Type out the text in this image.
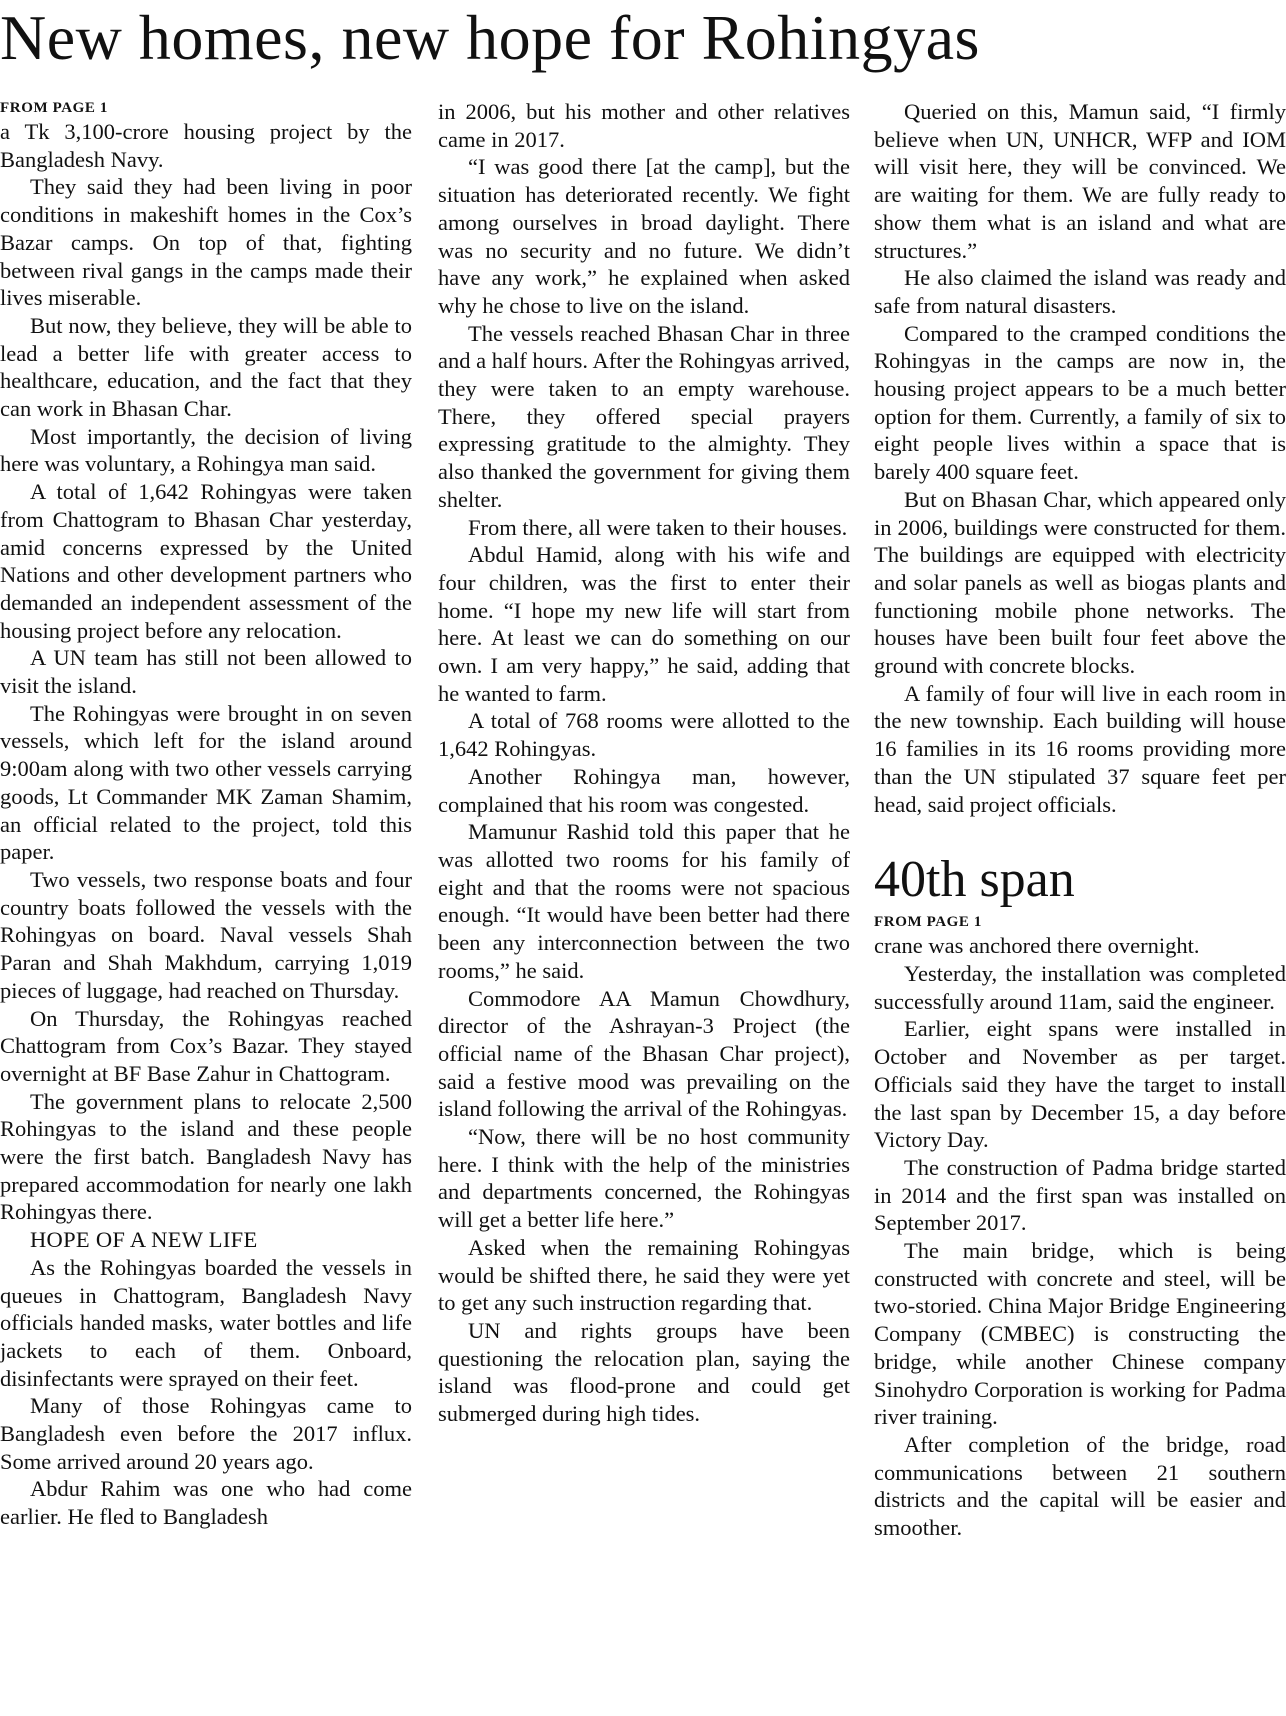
New homes, new hope for Rohingyas

FROM PAGE 1

a Tk 3,100-crore housing project by the Bangladesh Navy.

They said they had been living in poor conditions in makeshift homes in the Cox’s Bazar camps. On top of that, fighting between rival gangs in the camps made their lives miserable.

But now, they believe, they will be able to lead a better life with greater access to healthcare, education, and the fact that they can work in Bhasan Char.

Most importantly, the decision of living here was voluntary, a Rohingya man said.

A total of 1,642 Rohingyas were taken from Chattogram to Bhasan Char yesterday, amid concerns expressed by the United Nations and other development partners who demanded an independent assessment of the housing project before any relocation.

A UN team has still not been allowed to visit the island.

The Rohingyas were brought in on seven vessels, which left for the island around 9:00am along with two other vessels carrying goods, Lt Commander MK Zaman Shamim, an official related to the project, told this paper.

Two vessels, two response boats and four country boats followed the vessels with the Rohingyas on board. Naval vessels Shah Paran and Shah Makhdum, carrying 1,019 pieces of luggage, had reached on Thursday.

On Thursday, the Rohingyas reached Chattogram from Cox’s Bazar. They stayed overnight at BF Base Zahur in Chattogram.

The government plans to relocate 2,500 Rohingyas to the island and these people were the first batch. Bangladesh Navy has prepared accommodation for nearly one lakh Rohingyas there.

HOPE OF A NEW LIFE

As the Rohingyas boarded the vessels in queues in Chattogram, Bangladesh Navy officials handed masks, water bottles and life jackets to each of them. Onboard, disinfectants were sprayed on their feet.

Many of those Rohingyas came to Bangladesh even before the 2017 influx. Some arrived around 20 years ago.

Abdur Rahim was one who had come earlier. He fled to Bangladesh

in 2006, but his mother and other relatives came in 2017.

“I was good there [at the camp], but the situation has deteriorated recently. We fight among ourselves in broad daylight. There was no security and no future. We didn’t have any work,” he explained when asked why he chose to live on the island.

The vessels reached Bhasan Char in three and a half hours. After the Rohingyas arrived, they were taken to an empty warehouse. There, they offered special prayers expressing gratitude to the almighty. They also thanked the government for giving them shelter.

From there, all were taken to their houses.

Abdul Hamid, along with his wife and four children, was the first to enter their home. “I hope my new life will start from here. At least we can do something on our own. I am very happy,” he said, adding that he wanted to farm.

A total of 768 rooms were allotted to the 1,642 Rohingyas.

Another Rohingya man, however, complained that his room was congested.

Mamunur Rashid told this paper that he was allotted two rooms for his family of eight and that the rooms were not spacious enough. “It would have been better had there been any interconnection between the two rooms,” he said.

Commodore AA Mamun Chowdhury, director of the Ashrayan-3 Project (the official name of the Bhasan Char project), said a festive mood was prevailing on the island following the arrival of the Rohingyas.

“Now, there will be no host community here. I think with the help of the ministries and departments concerned, the Rohingyas will get a better life here.”

Asked when the remaining Rohingyas would be shifted there, he said they were yet to get any such instruction regarding that.

UN and rights groups have been questioning the relocation plan, saying the island was flood-prone and could get submerged during high tides.

Queried on this, Mamun said, “I firmly believe when UN, UNHCR, WFP and IOM will visit here, they will be convinced. We are waiting for them. We are fully ready to show them what is an island and what are structures.”

He also claimed the island was ready and safe from natural disasters.

Compared to the cramped conditions the Rohingyas in the camps are now in, the housing project appears to be a much better option for them. Currently, a family of six to eight people lives within a space that is barely 400 square feet.

But on Bhasan Char, which appeared only in 2006, buildings were constructed for them. The buildings are equipped with electricity and solar panels as well as biogas plants and functioning mobile phone networks. The houses have been built four feet above the ground with concrete blocks.

A family of four will live in each room in the new township. Each building will house 16 families in its 16 rooms providing more than the UN stipulated 37 square feet per head, said project officials.

40th span

FROM PAGE 1

crane was anchored there overnight.

Yesterday, the installation was completed successfully around 11am, said the engineer.

Earlier, eight spans were installed in October and November as per target. Officials said they have the target to install the last span by December 15, a day before Victory Day.

The construction of Padma bridge started in 2014 and the first span was installed on September 2017.

The main bridge, which is being constructed with concrete and steel, will be two-storied. China Major Bridge Engineering Company (CMBEC) is constructing the bridge, while another Chinese company Sinohydro Corporation is working for Padma river training.

After completion of the bridge, road communications between 21 southern districts and the capital will be easier and smoother.
